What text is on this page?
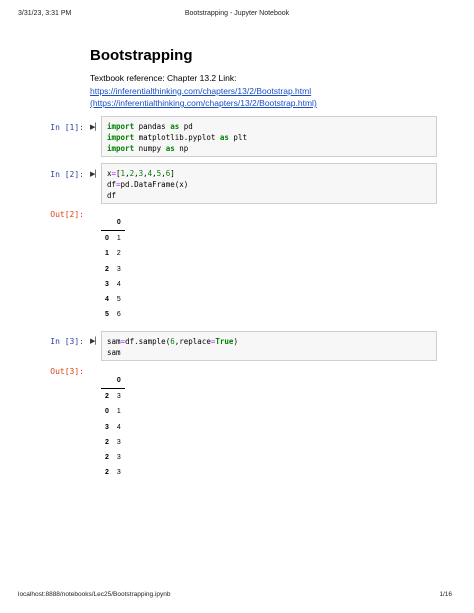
3/31/23, 3:31 PM	Bootstrapping - Jupyter Notebook
Bootstrapping
Textbook reference: Chapter 13.2 Link:
https://inferentialthinking.com/chapters/13/2/Bootstrap.html
(https://inferentialthinking.com/chapters/13/2/Bootstrap.html)
In [1]: ▶▏ import pandas as pd
import matplotlib.pyplot as plt
import numpy as np
In [2]: ▶▏ x=[1,2,3,4,5,6]
df=pd.DataFrame(x)
df
Out[2]:
	0
0	1
1	2
2	3
3	4
4	5
5	6
In [3]: ▶▏ sam=df.sample(6,replace=True)
sam
Out[3]:
	0
2	3
0	1
3	4
2	3
2	3
2	3
localhost:8888/notebooks/Lec25/Bootstrapping.ipynb	1/16
